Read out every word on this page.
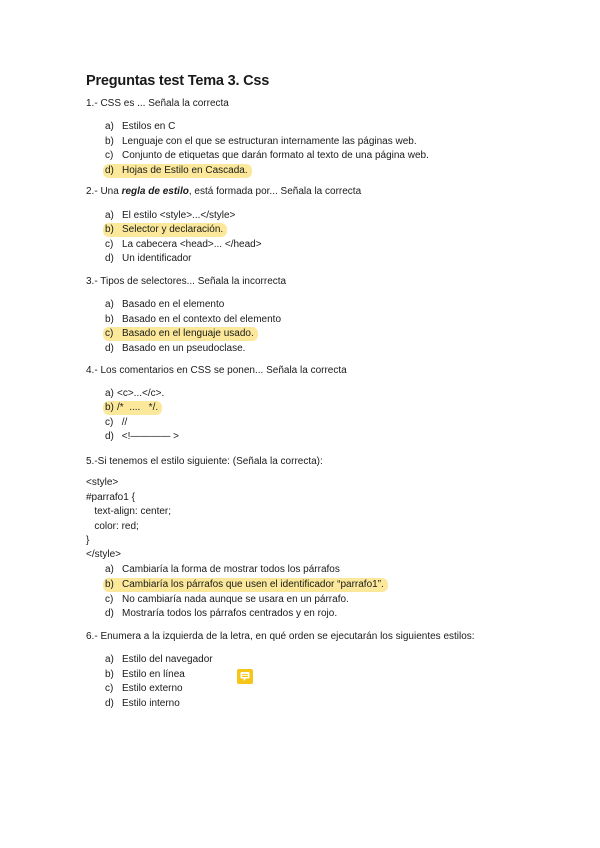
Preguntas test Tema 3. Css
1.- CSS es ... Señala la correcta
a) Estilos en C
b) Lenguaje con el que se estructuran internamente las páginas web.
c) Conjunto de etiquetas que darán formato al texto de una página web.
d) Hojas de Estilo en Cascada.
2.- Una regla de estilo, está formada por... Señala la correcta
a) El estilo <style>...</style>
b) Selector y declaración.
c) La cabecera <head>... </head>
d) Un identificador
3.- Tipos de selectores... Señala la incorrecta
a) Basado en el elemento
b) Basado en el contexto del elemento
c) Basado en el lenguaje usado.
d) Basado en un pseudoclase.
4.- Los comentarios en CSS se ponen... Señala la correcta
a) <c>...</c>.
b) /*  ....   */.
c) //
d) <!———— >
5.-Si tenemos el estilo siguiente: (Señala la correcta):
<style>
#parrafo1 {
text-align: center;
color: red;
}
</style>
a) Cambiaría la forma de mostrar todos los párrafos
b) Cambiaría los párrafos que usen el identificador “parrafo1”.
c) No cambiaría nada aunque se usara en un párrafo.
d) Mostraría todos los párrafos centrados y en rojo.
6.- Enumera a la izquierda de la letra, en qué orden se ejecutarán los siguientes estilos:
a) Estilo del navegador
b) Estilo en línea
c) Estilo externo
d) Estilo interno
